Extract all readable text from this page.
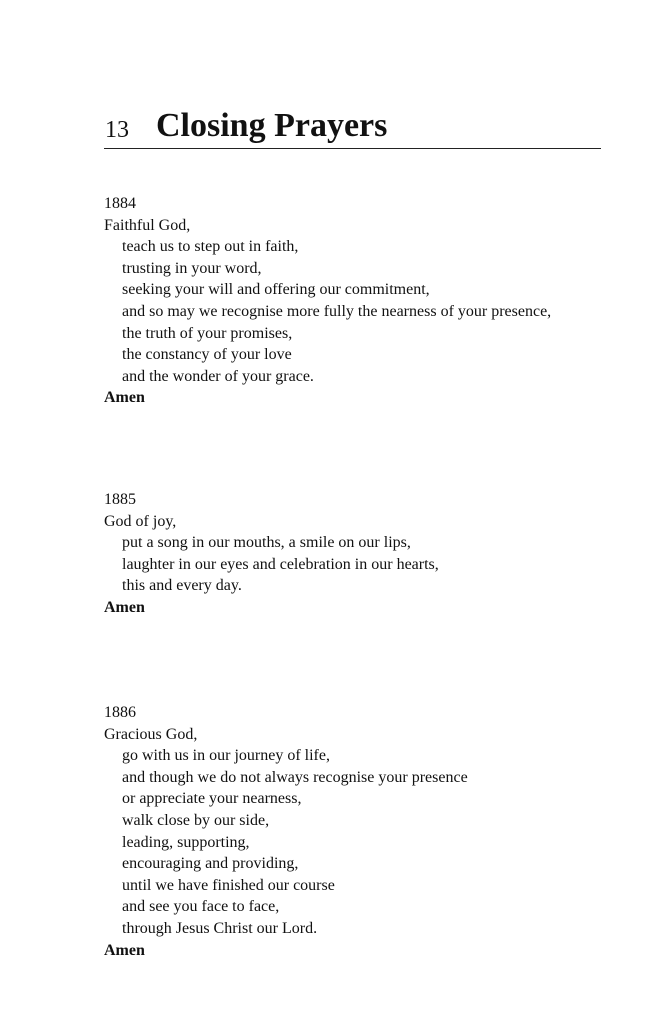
13 Closing Prayers
1884
Faithful God,
teach us to step out in faith,
trusting in your word,
seeking your will and offering our commitment,
and so may we recognise more fully the nearness of your presence,
the truth of your promises,
the constancy of your love
and the wonder of your grace.
Amen
1885
God of joy,
put a song in our mouths, a smile on our lips,
laughter in our eyes and celebration in our hearts,
this and every day.
Amen
1886
Gracious God,
go with us in our journey of life,
and though we do not always recognise your presence
or appreciate your nearness,
walk close by our side,
leading, supporting,
encouraging and providing,
until we have finished our course
and see you face to face,
through Jesus Christ our Lord.
Amen
